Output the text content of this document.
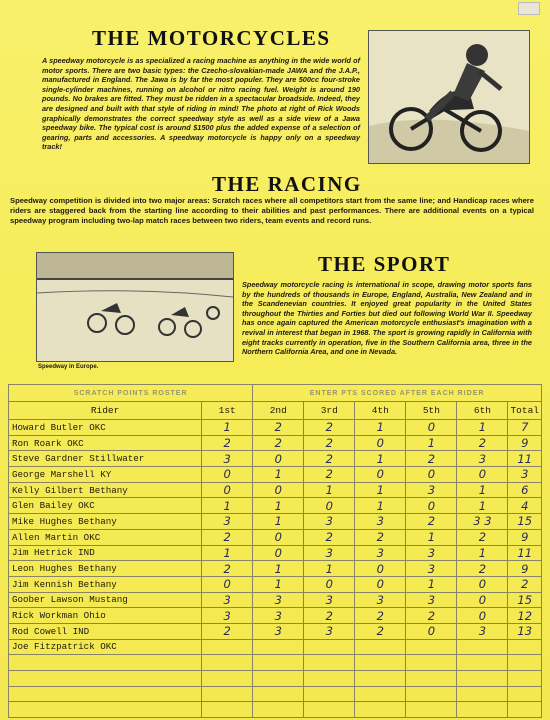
THE MOTORCYCLES

A speedway motorcycle is as specialized a racing machine as anything in the wide world of motor sports. There are two basic types: the Czecho-slovakian-made JAWA and the J.A.P., manufactured in England. The Jawa is by far the most populer. They are 500cc four-stroke single-cylinder machines, running on alcohol or nitro racing fuel. Weight is around 190 pounds. No brakes are fitted. They must be ridden in a spectacular broadside. Indeed, they are designed and built with that style of riding in mind! The photo at right of Rick Woods graphically demonstrates the correct speedway style as well as a side view of a Jawa speedway bike. The typical cost is around $1500 plus the added expense of a selection of gearing, parts and accessories. A speedway motorcycle is happy only on a speedway track!

THE RACING

Speedway competition is divided into two major areas: Scratch races where all competitors start from the same line; and Handicap races where riders are staggered back from the starting line according to their abilities and past performances. There are additional events on a typical speedway program including two-lap match races between two riders, team events and record runs.

Speedway in Europe.
THE SPORT

Speedway motorcycle racing is international in scope, drawing motor sports fans by the hundreds of thousands in Europe, England, Australia, New Zealand and in the Scandenevian countries. It enjoyed great popularity in the United States throughout the Thirties and Forties but died out following World War II. Speedway has once again captured the American motorcycle enthusiast's imagination with a revival in interest that began in 1968. The sport is growing rapidly in California with eight tracks currently in operation, five in the Southern California area, three in the Northern California Area, and one in Nevada.

SCRATCH POINTS ROSTER		ENTER PTS SCORED AFTER EACH RIDER					
Rider	1st	2nd	3rd	4th	5th	6th	Total
Howard Butler OKC	1	2	2	1	0	1	7
Ron Roark OKC	2	2	2	0	1	2	9
Steve Gardner Stillwater	3	0	2	1	2	3	11
George Marshell KY	0	1	2	0	0	0	3
Kelly Gilbert Bethany	0	0	1	1	3	1	6
Glen Bailey OKC	1	1	0	1	0	1	4
Mike Hughes Bethany	3	1	3	3	2	3 3	15
Allen Martin OKC	2	0	2	2	1	2	9
Jim Hetrick IND	1	0	3	3	3	1	11
Leon Hughes Bethany	2	1	1	0	3	2	9
Jim Kennish Bethany	0	1	0	0	1	0	2
Goober Lawson Mustang	3	3	3	3	3	0	15
Rick Workman Ohio	3	3	2	2	2	0	12
Rod Cowell IND	2	3	3	2	0	3	13
Joe Fitzpatrick OKC							
